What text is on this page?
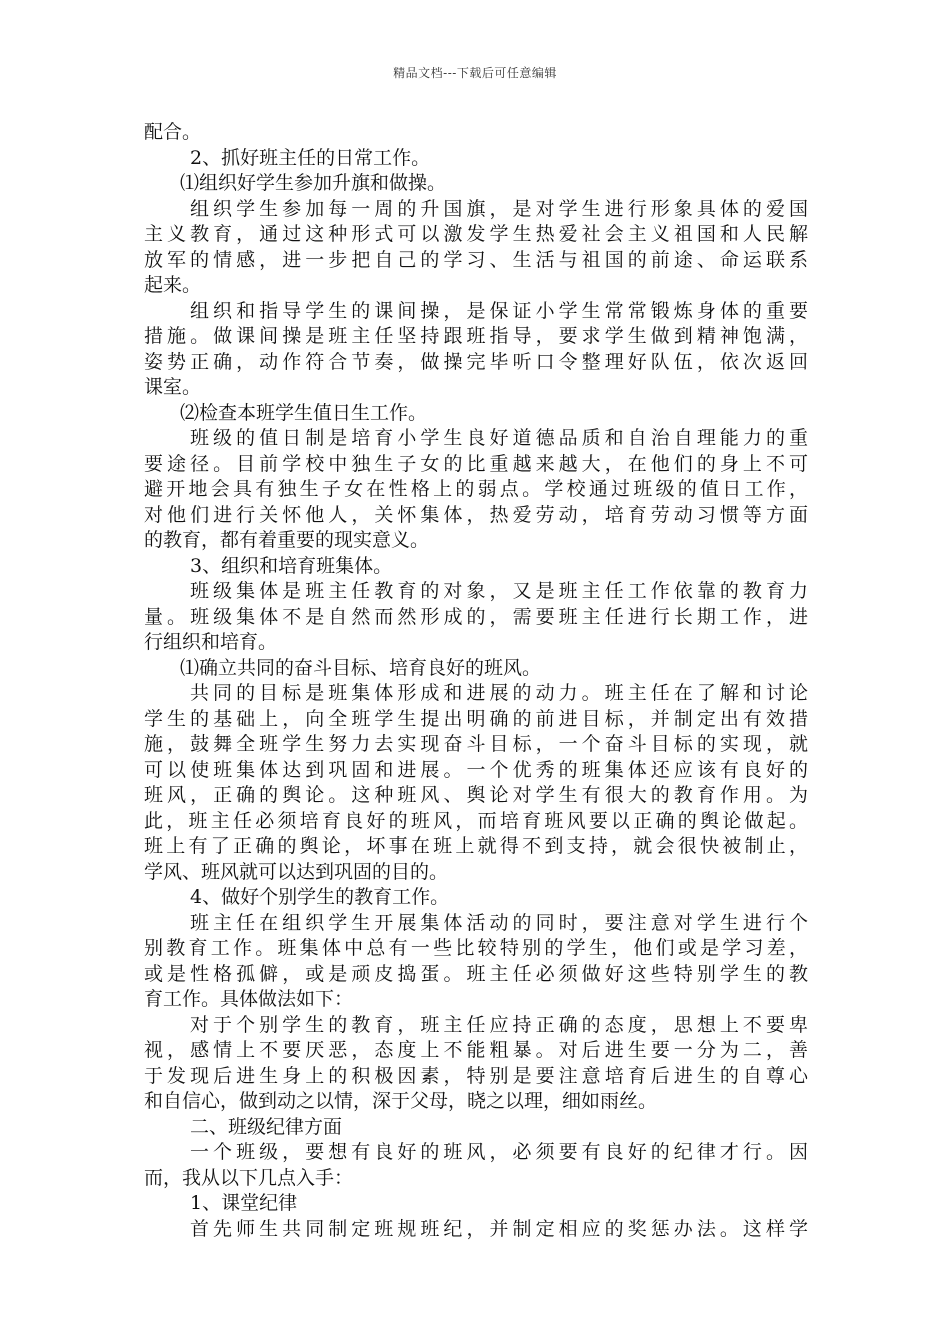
精品文档---下载后可任意编辑
配合。
2、抓好班主任的日常工作。
⑴组织好学生参加升旗和做操。
组织学生参加每一周的升国旗，是对学生进行形象具体的爱国
主义教育，通过这种形式可以激发学生热爱社会主义祖国和人民解
放军的情感，进一步把自己的学习、生活与祖国的前途、命运联系
起来。
组织和指导学生的课间操，是保证小学生常常锻炼身体的重要
措施。做课间操是班主任坚持跟班指导，要求学生做到精神饱满，
姿势正确，动作符合节奏，做操完毕听口令整理好队伍，依次返回
课室。
⑵检查本班学生值日生工作。
班级的值日制是培育小学生良好道德品质和自治自理能力的重
要途径。目前学校中独生子女的比重越来越大，在他们的身上不可
避开地会具有独生子女在性格上的弱点。学校通过班级的值日工作，
对他们进行关怀他人，关怀集体，热爱劳动，培育劳动习惯等方面
的教育，都有着重要的现实意义。
3、组织和培育班集体。
班级集体是班主任教育的对象，又是班主任工作依靠的教育力
量。班级集体不是自然而然形成的，需要班主任进行长期工作，进
行组织和培育。
⑴确立共同的奋斗目标、培育良好的班风。
共同的目标是班集体形成和进展的动力。班主任在了解和讨论
学生的基础上，向全班学生提出明确的前进目标，并制定出有效措
施，鼓舞全班学生努力去实现奋斗目标，一个奋斗目标的实现，就
可以使班集体达到巩固和进展。一个优秀的班集体还应该有良好的
班风，正确的舆论。这种班风、舆论对学生有很大的教育作用。为
此，班主任必须培育良好的班风，而培育班风要以正确的舆论做起。
班上有了正确的舆论，坏事在班上就得不到支持，就会很快被制止，
学风、班风就可以达到巩固的目的。
4、做好个别学生的教育工作。
班主任在组织学生开展集体活动的同时，要注意对学生进行个
别教育工作。班集体中总有一些比较特别的学生，他们或是学习差，
或是性格孤僻，或是顽皮捣蛋。班主任必须做好这些特别学生的教
育工作。具体做法如下：
对于个别学生的教育，班主任应持正确的态度，思想上不要卑
视，感情上不要厌恶，态度上不能粗暴。对后进生要一分为二，善
于发现后进生身上的积极因素，特别是要注意培育后进生的自尊心
和自信心，做到动之以情，深于父母，晓之以理，细如雨丝。
二、班级纪律方面
一个班级，要想有良好的班风，必须要有良好的纪律才行。因
而，我从以下几点入手：
1、课堂纪律
首先师生共同制定班规班纪，并制定相应的奖惩办法。这样学
